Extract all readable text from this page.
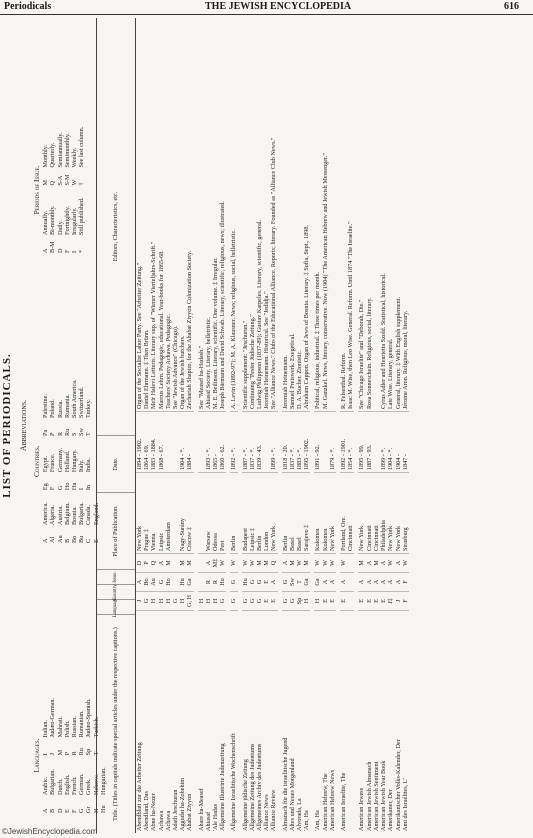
Periodicals	THE JEWISH ENCYCLOPEDIA	616
LIST OF PERIODICALS. Abbreviations.
Languages.
AArabic.
BBulgarian.
DDutch.
EEnglish.
FFrench.
GGerman.
GrGreek.
HHebrew.
HuHungarian.
IItalian.
JJudæo-German.
MMahrati.
PPolish.
RRussian.
RuRumanian.
SpJudæo-Spanish.
TTurkish.
Countries.
AAmerica.
AlAlgeria.
AuAustria.
BBelgium.
BoBosnia.
BuBulgaria.
CCanada.
EEngland.
EgEgypt.
FFrance.
GGermany.
HoHolland.
HuHungary.
IItaly.
InIndia.
PaPalestine.
PPoland.
RRussia.
RuRumania.
SSouth America.
SwSwitzerland.
TTurkey.
Periods of Issue.
AAnnually.
B-MBi-monthly.
DDaily.
FFortnightly.
IIrregularly.
*Still published.
MMonthly.
QQuarterly.
S-ASemiannually.
S-MSemimonthly.
WWeekly.
†See last column.
Title. (Titles in capitals indicate special articles under the respective captions.)
Language.
Country.
Issue.
Place of Publication.
Date.
Editors, Characteristics, etc.
Abendblatt zur die Arbeiter Zeitung
J
A
D
New York
1894 - 1902.
Organ of the Socialist Labor Party. See "Arbeiter Zeitung."
Abendland, Das
G
Bo
P
Prague ‡
1864 - 69.
Daniel Ehrmann. ‡ Then Brünn.
Abne ha-Nezer
H
Au
Q
Vienna
1883 - 1884.
Meïr Halevi Letteris. Literary sup. of "Wiener Vierteljahrs-Schrift."
Achawa
H
G
A
Leipsic
1868 - 67.
Marcus Lehrn. Pedagogic, educational. Year-books for 1865-68.
Achawa
H
Ho
M
Amsterdam
Teachers' Society Achawa. Pedagogic.
Adath Jeschurun
G
See "Jewish Advance" (Chicago).
Aggudat ha-Zobehim
H
Hu
M
Nagy-Surány
1904 - *.
Organ of the Jewish butchers.
Ahabat Ziyyon
G, H
Ga
M
Cracow ‡
1884 -
Zechariah Shapiro, for the Ahabat Ziyyon Colonization Society.
Ahare ha-Measef
H
See "Measef ha-Hadash."
Ahiasaf
H
R
A
Warsaw
1893 - *.
Ahiasaf Society. Literary, belletristic.
'Ale Hadas
H
R
M‡
Odessa
1865 -
M. E. Beilinson. Literary, scientific. One volume. ‡ Irregular.
Allgemeine Illustrirte Judenzeitung
G
Hu
W
Pest
1860 - 62.
Joseph Bärmann and David Schwab. Literary, scientific, religious, news; illustrated.
Allgemeine Israelitische Wochenschrift
G
G
W
Berlin
1892 - *.
A. Levin (1892-97); M. A. Klausner. News; religious, social, belletristic.
Allgemeine jüdische Zeitung
G
Hu
W
Budapest
1887 - *.
Scientific supplement: "Jeschurun."
Allgemeine Zeitung des Judentums
G
G
W
Leipsic ‡
1837 - *.
Continuing "Pester Jüdische Zeitung."
Allgemeines Archiv des Judentums
G
G
M
Berlin
1839 - 43.
Ludwig Philippson (1837-89); Gustav Karpeles. Literary, scientific, general.
Alliance News
E
E
M
London
Jeremiah Heinemann. Historical. See "Jedidja."
Alliance Review
E
A
Q
New York
1899 - *.
See "Alliance News." Clubs of the Educational Alliance. Reports; literary. Founded as "Alliance Club News."
Almanach für die israelitische Jugend
G
G
A
Berlin
1818 - 20.
Jeremiah Heinemann.
Altes und Neues Morgenland
G
Sw
M
Basel
1837 - *.
Samuel Preiswerk. Exegetical.
Alvorada, La
Sp
T
W
Basel
1883 - *.
D. A. Bucher. Zionistic.
'Am, Ha
H
Ga
M
Sarajevo ‡
1895 - 1902.
Abraham Cappon. Organ of Jews of Bosnia. Literary. ‡ Sofia, Sept., 1898.
'Am, Ha
H
Ga
W
Kolomea
1891 - 92.
Political, religious, industrial. ‡ Three times per month.
American Hebrew, The
E
A
W
Kolomea
M. Ganzkel. News, literary, conservative. Now (1904) "The American Hebrew and Jewish Messenger."
American Hebrew News
E
A
W
New York
1879 - *.
American Israelite, The
E
A
W
Portland, Ore.
1892 - 1901.
R. Felsenthal. Reform.
Cincinnati
1854 - *.
Isaac M. Wise, then Leo Wise. General. Reform. Until 1874 "The Israelite."
American Jewess
E
A
M
New York
1895 - 99.
See "Chicago Israelite" and "Deborah, Die."
American Jewish Almanach
E
A
A
Cincinnati
1887 - 93.
Rosa Sonneschein. Religious, social, literary.
American Jewish Sentiment
E
A
M
Cincinnati
American Jewish Year Book
E
A
A
Philadelphia
1899 - *.
Cyrus Adler and Henrietta Szold. Statistical, historical.
Amerikaner, Der
J‡
A
W
New York
1904 - *.
Late Wise. Literary, general.
Amerikanischer Volks-Kalender, Der
J
A
A
New York
1904 -
General, literary. ‡ With English supplement.
Ami des Israélites, L'
F
F
W
Strasburg
1847 -
Jérome Aron. Religious, moral, literary.
©JewishEncyclopedia.com
